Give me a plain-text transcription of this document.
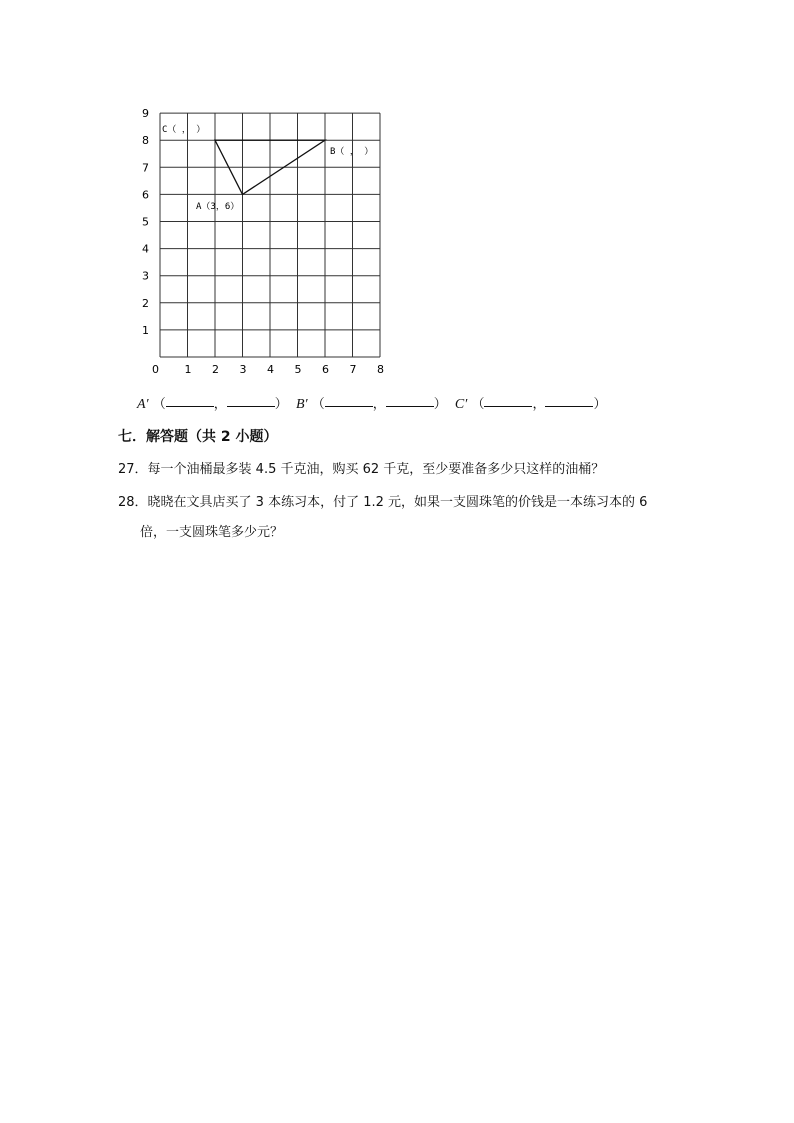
0 1 2 3 4 5 6 7 8
1
2
3
4
5
6
7
8
9
C（ ， ）
B（ ， ）
A（3，6）
A′ （	，	） B′ （	，	） C′ （	，	）
七．解答题（共 2 小题）
27．每一个油桶最多装 4.5 千克油，购买 62 千克，至少要准备多少只这样的油桶？
28．晓晓在文具店买了 3 本练习本，付了 1.2 元，如果一支圆珠笔的价钱是一本练习本的 6
倍，一支圆珠笔多少元？
